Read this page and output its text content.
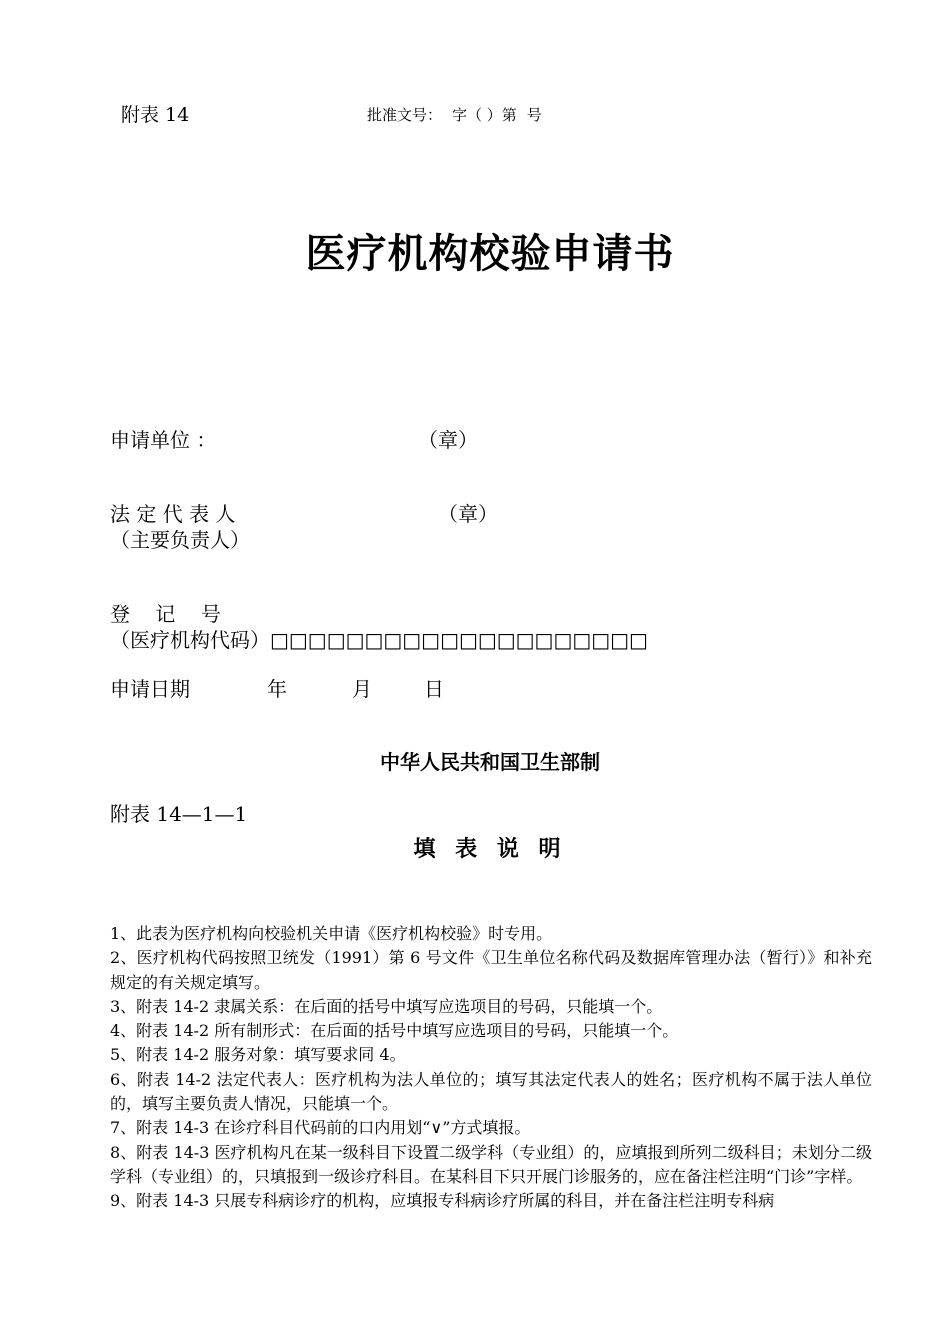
附表 14	批准文号： 字（ ）第 号
医疗机构校验申请书
申请单位 ：	（章）
法 定 代 表 人	（章）
（主要负责人）
登    记    号
（医疗机构代码）□□□□□□□□□□□□□□□□□□□□
申请日期	年	月	日
中华人民共和国卫生部制
附表 14—1—1
填 表 说 明

1、此表为医疗机构向校验机关申请《医疗机构校验》时专用。

2、医疗机构代码按照卫统发（1991）第 6 号文件《卫生单位名称代码及数据库管理办法（暂行）》和补充规定的有关规定填写。

3、附表 14-2 隶属关系：在后面的括号中填写应选项目的号码，只能填一个。

4、附表 14-2 所有制形式：在后面的括号中填写应选项目的号码，只能填一个。

5、附表 14-2 服务对象：填写要求同 4。

6、附表 14-2 法定代表人：医疗机构为法人单位的；填写其法定代表人的姓名；医疗机构不属于法人单位的，填写主要负责人情况，只能填一个。

7、附表 14-3 在诊疗科目代码前的口内用划“∨”方式填报。

8、附表 14-3 医疗机构凡在某一级科目下设置二级学科（专业组）的，应填报到所列二级科目；未划分二级学科（专业组）的，只填报到一级诊疗科目。在某科目下只开展门诊服务的，应在备注栏注明“门诊”字样。

9、附表 14-3 只展专科病诊疗的机构，应填报专科病诊疗所属的科目，并在备注栏注明专科病
